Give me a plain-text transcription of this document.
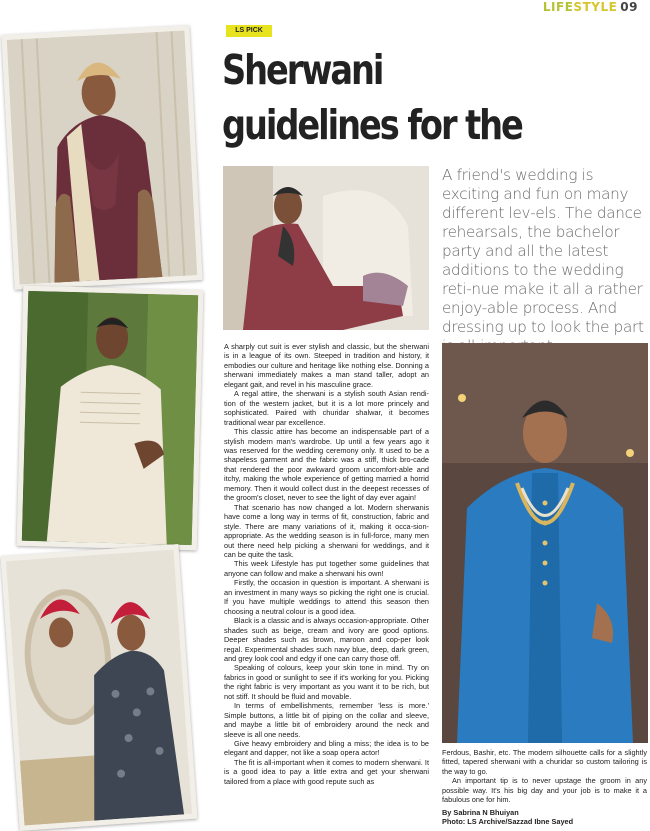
LIFESTYLE 09
LS PICK
Sherwani guidelines for the
A friend's wedding is exciting and fun on many different lev-els. The dance rehearsals, the bachelor party and all the latest additions to the wedding reti-nue make it all a rather enjoy-able process. And dressing up to look the part

A sharply cut suit is ever stylish and classic, but the sherwani is in a league of its own. Steeped in tradition and history, it embodies our culture and heritage like nothing else. Donning a sherwani immediately makes a man stand taller, adopt an elegant gait, and revel in his masculine grace.

A regal attire, the sherwani is a stylish south Asian rendi-tion of the western jacket, but it is a lot more princely and sophisticated. Paired with churidar shalwar, it becomes traditional wear par excellence.

This classic attire has become an indispensable part of a stylish modern man's wardrobe. Up until a few years ago it was reserved for the wedding ceremony only. It used to be a shapeless garment and the fabric was a stiff, thick bro-cade that rendered the poor awkward groom uncomfort-able and itchy, making the whole experience of getting married a horrid memory. Then it would collect dust in the deepest recesses of the groom's closet, never to see the light of day ever again!

That scenario has now changed a lot. Modern sherwanis have come a long way in terms of fit, construction, fabric and style. There are many variations of it, making it occa-sion-appropriate. As the wedding season is in full-force, many men out there need help picking a sherwani for weddings, and it can be quite the task.

This week Lifestyle has put together some guidelines that anyone can follow and make a sherwani his own!

Firstly, the occasion in question is important. A sherwani is an investment in many ways so picking the right one is crucial. If you have multiple weddings to attend this season then choosing a neutral colour is a good idea.

Black is a classic and is always occasion-appropriate. Other shades such as beige, cream and ivory are good options. Deeper shades such as brown, maroon and cop-per look regal. Experimental shades such navy blue, deep, dark green, and grey look cool and edgy if one can carry those off.

Speaking of colours, keep your skin tone in mind. Try on fabrics in good or sunlight to see if it's working for you. Picking the right fabric is very important as you want it to be rich, but not stiff. It should be fluid and movable.

In terms of embellishments, remember 'less is more.' Simple buttons, a little bit of piping on the collar and sleeve, and maybe a little bit of embroidery around the neck and sleeve is all one needs.

Give heavy embroidery and bling a miss; the idea is to be elegant and dapper, not like a soap opera actor!

The fit is all-important when it comes to modern sherwani. It is a good idea to pay a little extra and get your sherwani tailored from a place with good repute such as

Ferdous, Bashir, etc. The modern silhouette calls for a slightly fitted, tapered sherwani with a churidar so custom tailoring is the way to go.

An important tip is to never upstage the groom in any possible way. It's his big day and your job is to make it a fabulous one for him.

By Sabrina N Bhuiyan

Photo: LS Archive/Sazzad Ibne Sayed
